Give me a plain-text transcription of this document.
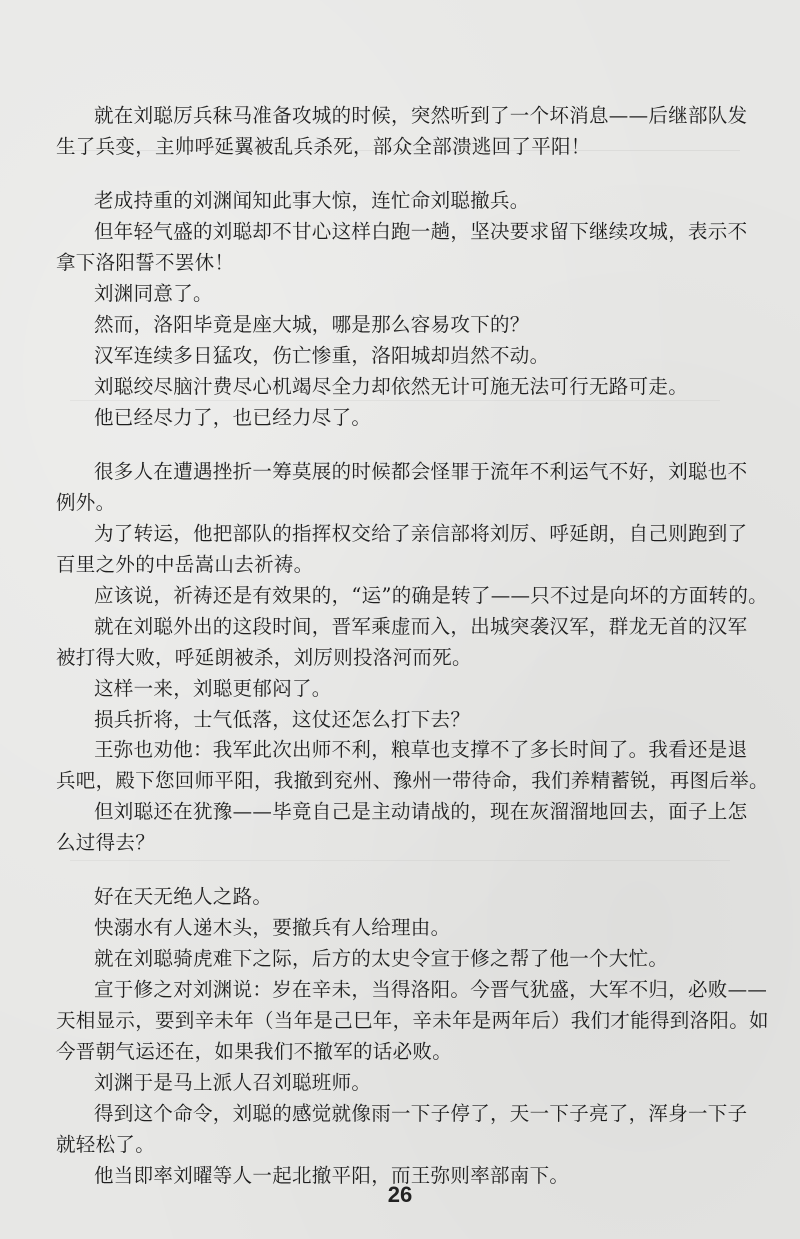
就在刘聪厉兵秣马准备攻城的时候，突然听到了一个坏消息——后继部队发

生了兵变，主帅呼延翼被乱兵杀死，部众全部溃逃回了平阳！

老成持重的刘渊闻知此事大惊，连忙命刘聪撤兵。

但年轻气盛的刘聪却不甘心这样白跑一趟，坚决要求留下继续攻城，表示不

拿下洛阳誓不罢休！

刘渊同意了。

然而，洛阳毕竟是座大城，哪是那么容易攻下的？

汉军连续多日猛攻，伤亡惨重，洛阳城却岿然不动。

刘聪绞尽脑汁费尽心机竭尽全力却依然无计可施无法可行无路可走。

他已经尽力了，也已经力尽了。

很多人在遭遇挫折一筹莫展的时候都会怪罪于流年不利运气不好，刘聪也不

例外。

为了转运，他把部队的指挥权交给了亲信部将刘厉、呼延朗，自己则跑到了

百里之外的中岳嵩山去祈祷。

应该说，祈祷还是有效果的，“运”的确是转了——只不过是向坏的方面转的。

就在刘聪外出的这段时间，晋军乘虚而入，出城突袭汉军，群龙无首的汉军

被打得大败，呼延朗被杀，刘厉则投洛河而死。

这样一来，刘聪更郁闷了。

损兵折将，士气低落，这仗还怎么打下去？

王弥也劝他：我军此次出师不利，粮草也支撑不了多长时间了。我看还是退

兵吧，殿下您回师平阳，我撤到兖州、豫州一带待命，我们养精蓄锐，再图后举。

但刘聪还在犹豫——毕竟自己是主动请战的，现在灰溜溜地回去，面子上怎

么过得去？

好在天无绝人之路。

快溺水有人递木头，要撤兵有人给理由。

就在刘聪骑虎难下之际，后方的太史令宣于修之帮了他一个大忙。

宣于修之对刘渊说：岁在辛未，当得洛阳。今晋气犹盛，大军不归，必败——

天相显示，要到辛未年（当年是己巳年，辛未年是两年后）我们才能得到洛阳。如

今晋朝气运还在，如果我们不撤军的话必败。

刘渊于是马上派人召刘聪班师。

得到这个命令，刘聪的感觉就像雨一下子停了，天一下子亮了，浑身一下子

就轻松了。

他当即率刘曜等人一起北撤平阳，而王弥则率部南下。

26
